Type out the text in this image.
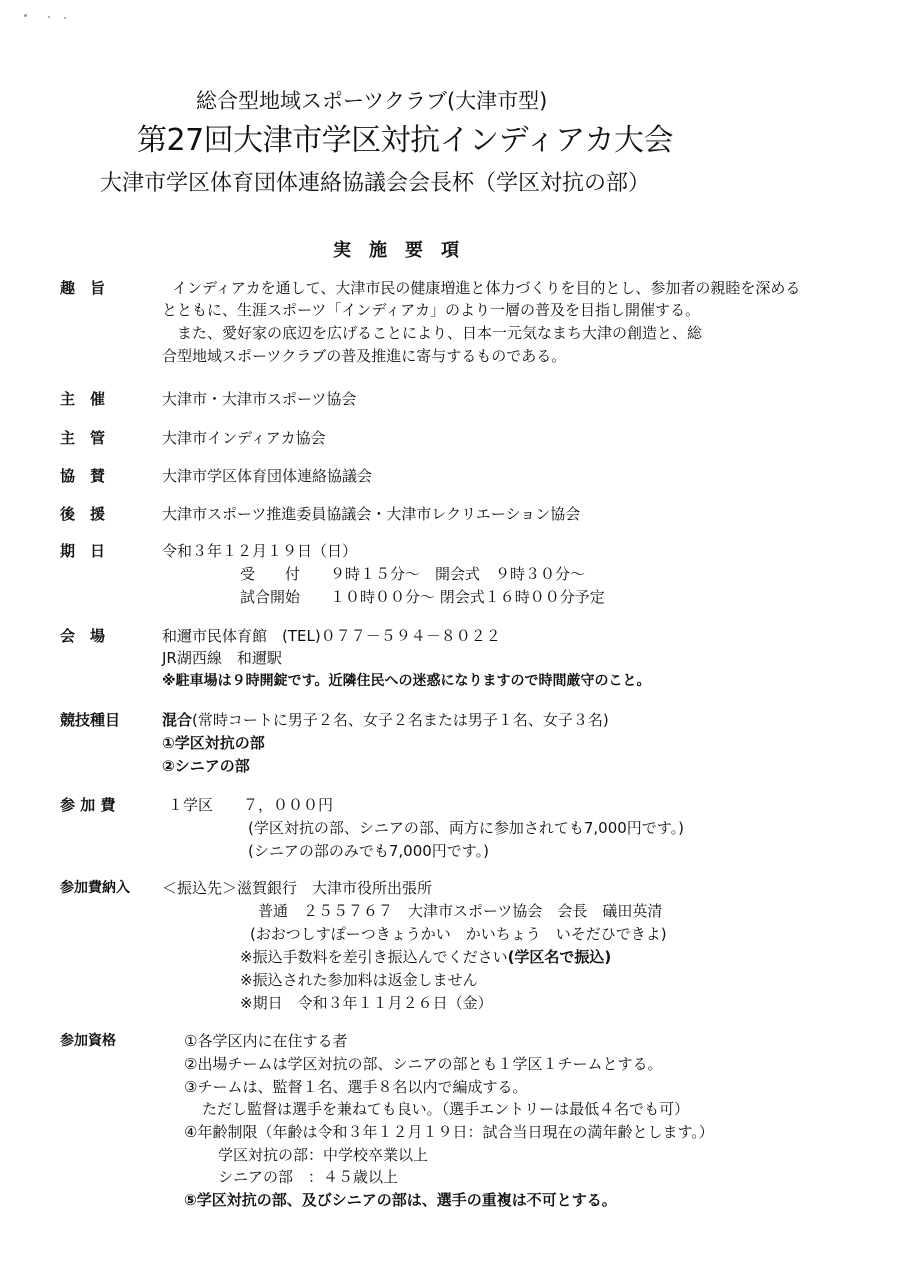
総合型地域スポーツクラブ(大津市型)
第27回大津市学区対抗インディアカ大会
大津市学区体育団体連絡協議会会長杯（学区対抗の部）
実施要項
趣　旨	インディアカを通して、大津市民の健康増進と体力づくりを目的とし、参加者の親睦を深める
とともに、生涯スポーツ「インディアカ」のより一層の普及を目指し開催する。
　また、愛好家の底辺を広げることにより、日本一元気なまち大津の創造と、総
合型地域スポーツクラブの普及推進に寄与するものである。
主　催	大津市・大津市スポーツ協会
主　管	大津市インディアカ協会
協　賛	大津市学区体育団体連絡協議会
後　援	大津市スポーツ推進委員協議会・大津市レクリエーション協会
期　日	令和３年１２月１９日（日）
受　　付　　９時１５分～　開会式　９時３０分～
試合開始　　１０時００分～ 閉会式１６時００分予定
会　場	和邇市民体育館　(TEL)０７７－５９４－８０２２
JR湖西線　和邇駅
※駐車場は９時開錠です。近隣住民への迷惑になりますので時間厳守のこと。
競技種目	混合(常時コートに男子２名、女子２名または男子１名、女子３名)
①学区対抗の部
②シニアの部
参 加 費	１学区　　７，０００円
(学区対抗の部、シニアの部、両方に参加されても7,000円です。)
(シニアの部のみでも7,000円です。)
参加費納入 ＜振込先＞滋賀銀行　大津市役所出張所
普通　２５５７６７　大津市スポーツ協会　会長　礒田英清
(おおつしすぽーつきょうかい　かいちょう　いそだひできよ)
※振込手数料を差引き振込んでください(学区名で振込)
※振込された参加料は返金しません
※期日　令和３年１１月２６日（金）
参加資格	①各学区内に在住する者
②出場チームは学区対抗の部、シニアの部とも１学区１チームとする。
③チームは、監督１名、選手８名以内で編成する。
ただし監督は選手を兼ねても良い。（選手エントリーは最低４名でも可）
④年齢制限（年齢は令和３年１２月１９日：試合当日現在の満年齢とします。）
学区対抗の部：中学校卒業以上
シニアの部　：４５歳以上
⑤学区対抗の部、及びシニアの部は、選手の重複は不可とする。
